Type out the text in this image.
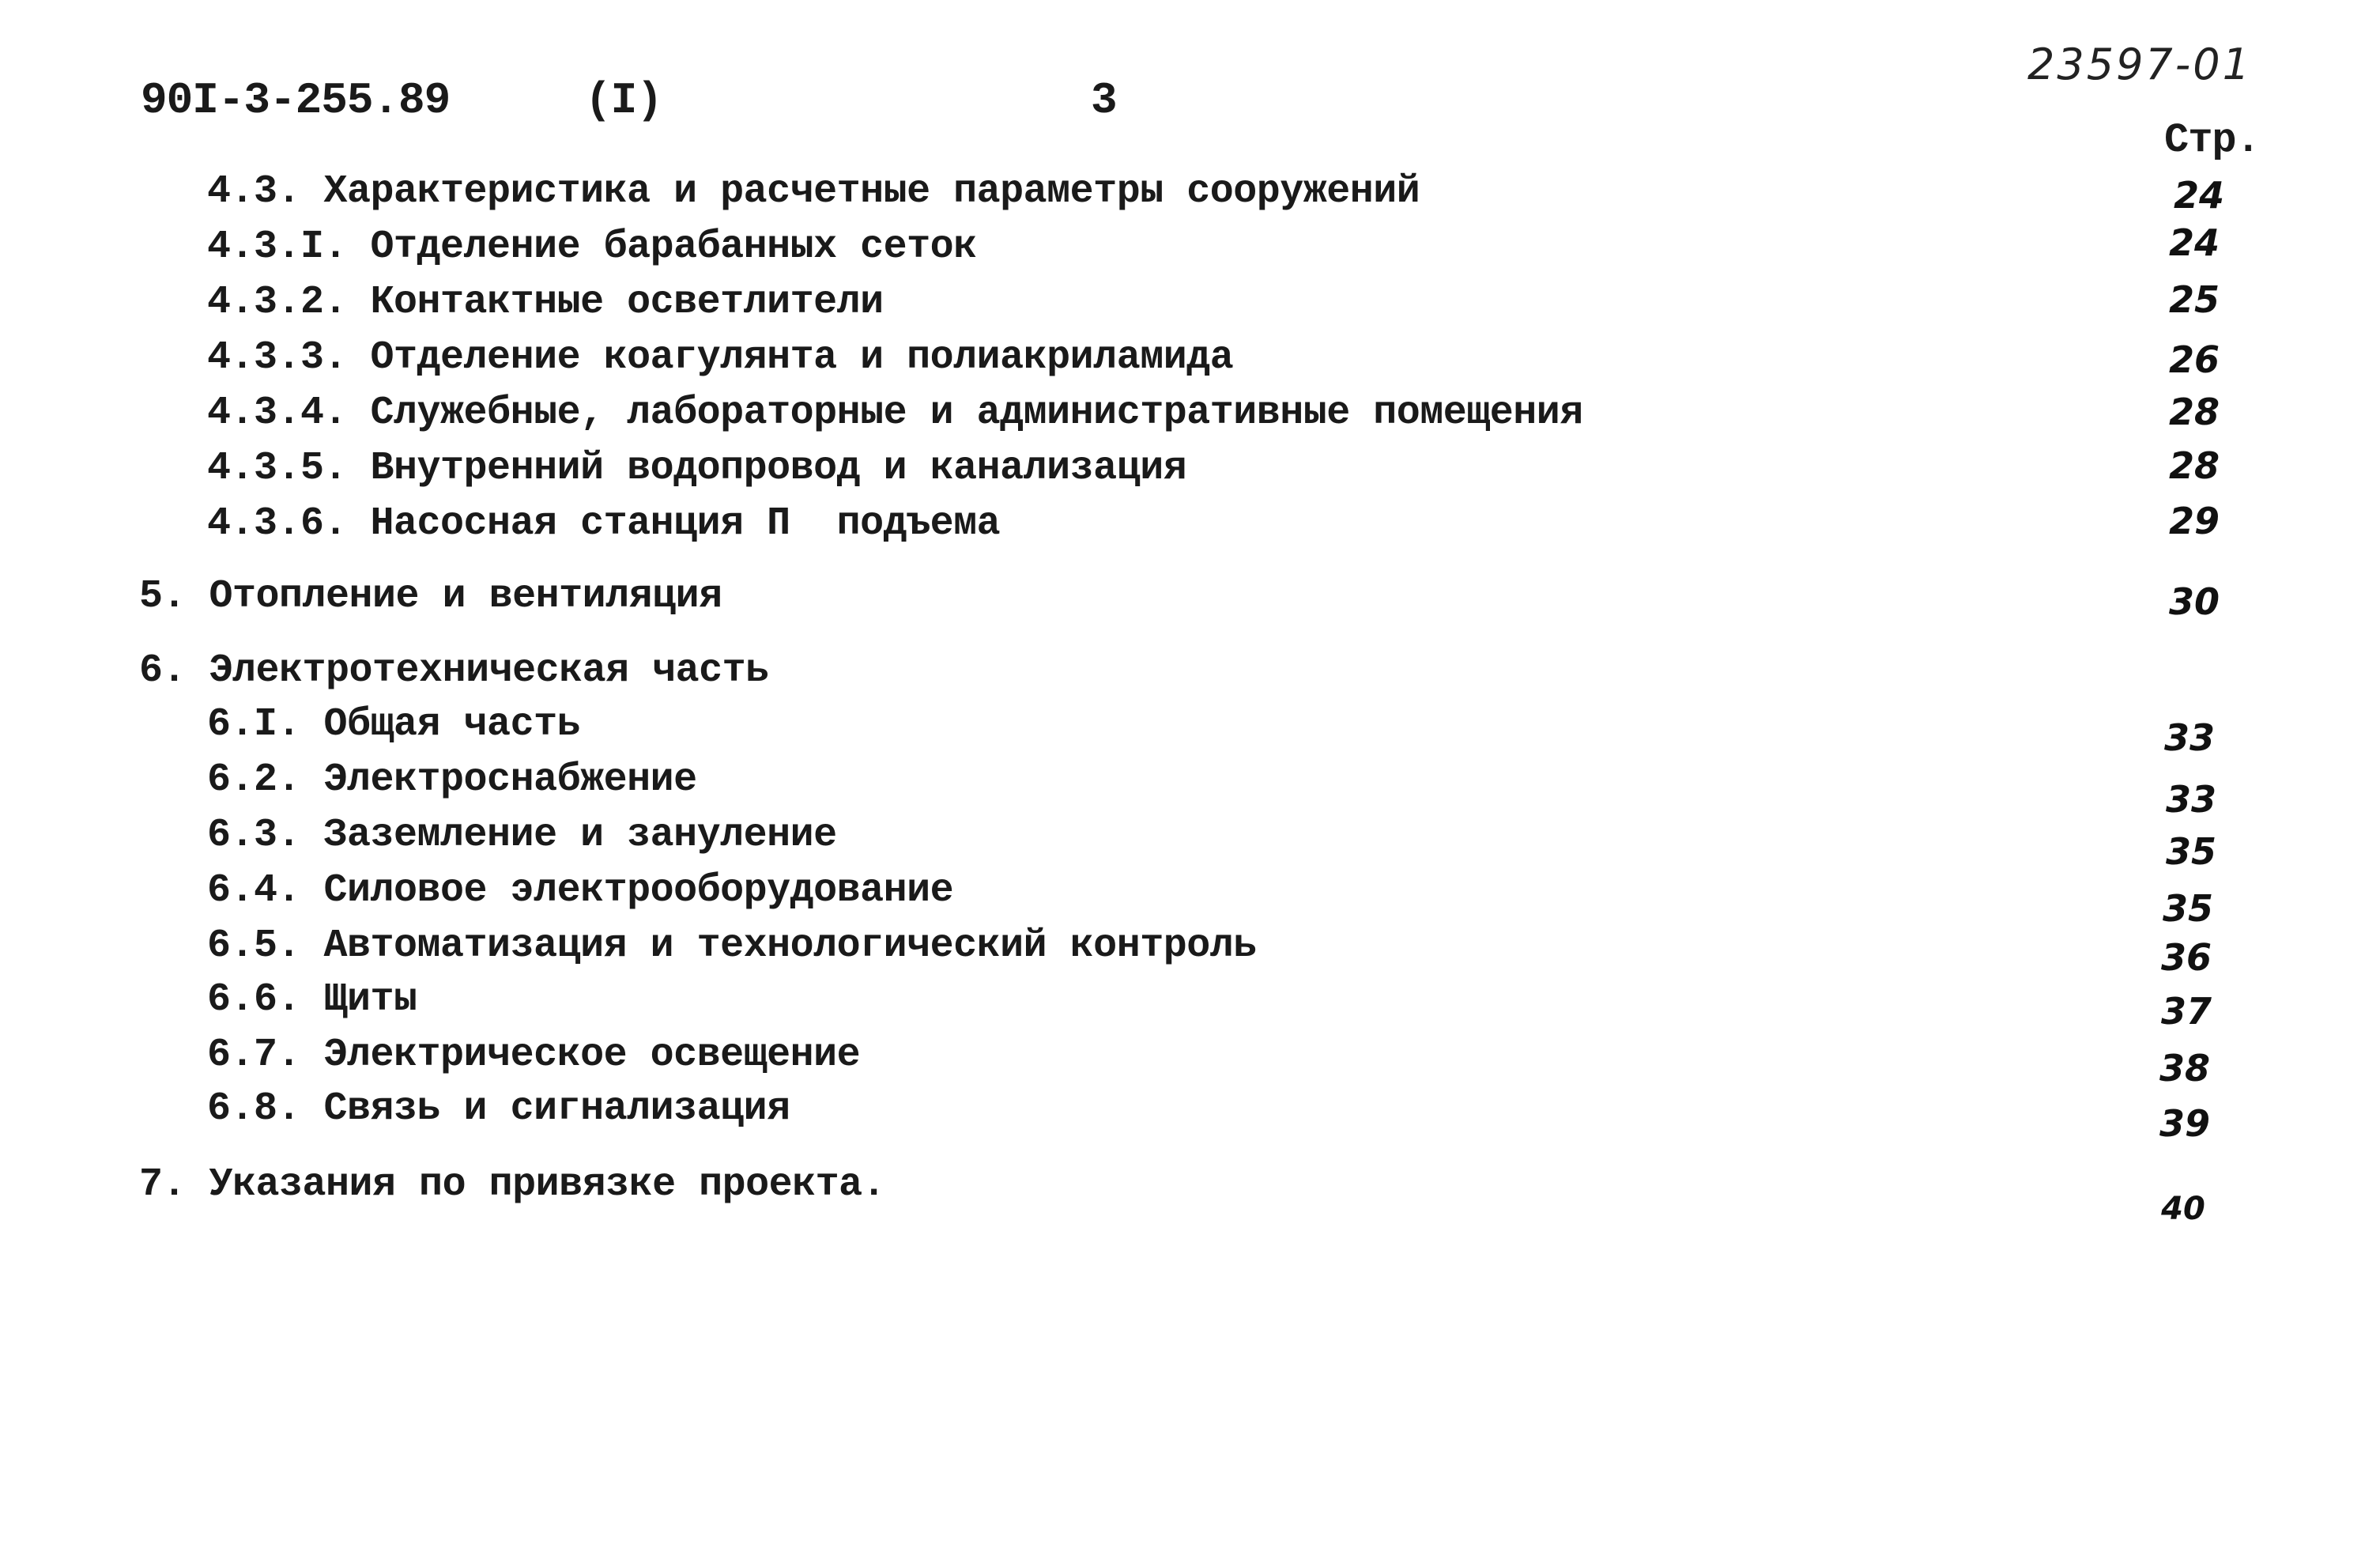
90I-3-255.89	(I)	3
23597-01
Стр.
4.3. Характеристика и расчетные параметры сооружений
4.3.I. Отделение барабанных сеток
4.3.2. Контактные осветлители
4.3.3. Отделение коагулянта и полиакриламида
4.3.4. Служебные, лабораторные и административные помещения
4.3.5. Внутренний водопровод и канализация
4.3.6. Насосная станция П  подъема
5. Отопление и вентиляция
6. Электротехническая часть
6.I. Общая часть
6.2. Электроснабжение
6.3. Заземление и зануление
6.4. Силовое электрооборудование
6.5. Автоматизация и технологический контроль
6.6. Щиты
6.7. Электрическое освещение
6.8. Связь и сигнализация
7. Указания по привязке проекта.
24
24
25
26
28
28
29
30
33
33
35
35
36
37
38
39
40
